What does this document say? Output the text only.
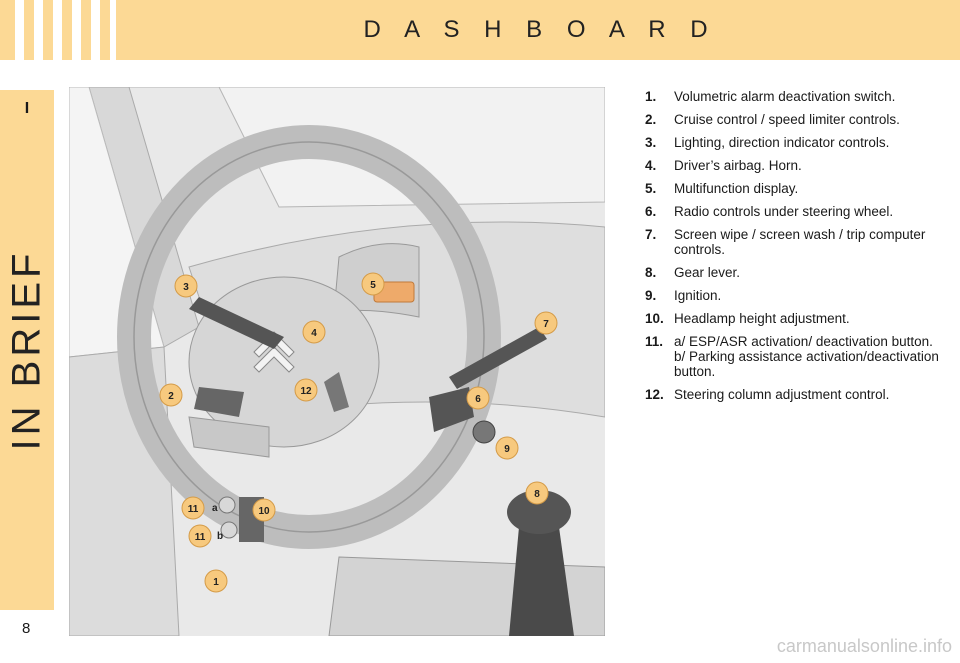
D A S H B O A R D
I
IN BRIEF
8
3	5
4
7
12
2	6
9
8
11 a	10
11 b
1
1.	Volumetric alarm deactivation switch.
2.	Cruise control / speed limiter controls.
3.	Lighting, direction indicator controls.
4.	Driver’s airbag. Horn.
5.	Multifunction display.
6.	Radio controls under steering wheel.
7.	Screen wipe / screen wash / trip computer controls.
8.	Gear lever.
9.	Ignition.
10. Headlamp height adjustment.
11. a/ ESP/ASR activation/ deactivation button.
b/ Parking assistance activation/deactivation button.
12. Steering column adjustment control.
carmanualsonline.info
